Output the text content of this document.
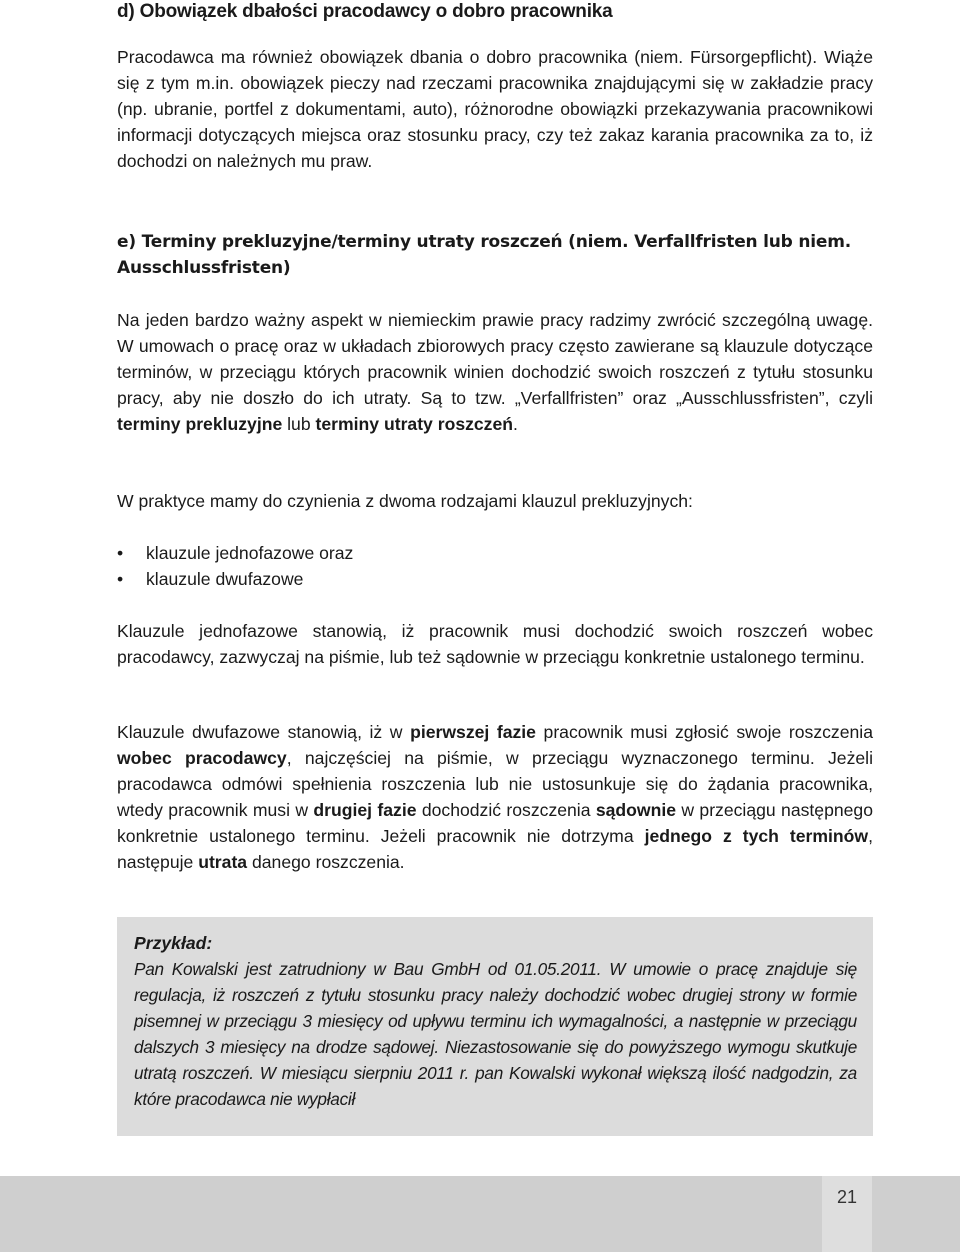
d) Obowiązek dbałości pracodawcy o dobro pracownika

Pracodawca ma również obowiązek dbania o dobro pracownika (niem. Fürsorgepflicht). Wiąże się z tym m.in. obowiązek pieczy nad rzeczami pracownika znajdującymi się w zakładzie pracy (np. ubranie, portfel z dokumentami, auto), różnorodne obowiązki przekazywania pracownikowi informacji dotyczących miejsca oraz stosunku pracy, czy też zakaz karania pracownika za to, iż dochodzi on należnych mu praw.

e) Terminy prekluzyjne/terminy utraty roszczeń (niem. Verfallfristen lub niem. Ausschlussfristen)

Na jeden bardzo ważny aspekt w niemieckim prawie pracy radzimy zwrócić szczególną uwagę. W umowach o pracę oraz w układach zbiorowych pracy często zawierane są klauzule dotyczące terminów, w przeciągu których pracownik winien dochodzić swoich roszczeń z tytułu stosunku pracy, aby nie doszło do ich utraty. Są to tzw. „Verfallfristen” oraz „Ausschlussfristen”, czyli terminy prekluzyjne lub terminy utraty roszczeń.

W praktyce mamy do czynienia z dwoma rodzajami klauzul prekluzyjnych:

• klauzule jednofazowe oraz
• klauzule dwufazowe

Klauzule jednofazowe stanowią, iż pracownik musi dochodzić swoich roszczeń wobec pracodawcy, zazwyczaj na piśmie, lub też sądownie w przeciągu konkretnie ustalonego terminu.

Klauzule dwufazowe stanowią, iż w pierwszej fazie pracownik musi zgłosić swoje roszczenia wobec pracodawcy, najczęściej na piśmie, w przeciągu wyznaczonego terminu. Jeżeli pracodawca odmówi spełnienia roszczenia lub nie ustosunkuje się do żądania pracownika, wtedy pracownik musi w drugiej fazie dochodzić roszczenia sądownie w przeciągu następnego konkretnie ustalonego terminu. Jeżeli pracownik nie dotrzyma jednego z tych terminów, następuje utrata danego roszczenia.

Przykład:

Pan Kowalski jest zatrudniony w Bau GmbH od 01.05.2011. W umowie o pracę znajduje się regulacja, iż roszczeń z tytułu stosunku pracy należy dochodzić wobec drugiej strony w formie pisemnej w przeciągu 3 miesięcy od upływu terminu ich wymagalności, a następnie w przeciągu dalszych 3 miesięcy na drodze sądowej. Niezastosowanie się do powyższego wymogu skutkuje utratą roszczeń. W miesiącu sierpniu 2011 r. pan Kowalski wykonał większą ilość nadgodzin, za które pracodawca nie wypłacił

21
